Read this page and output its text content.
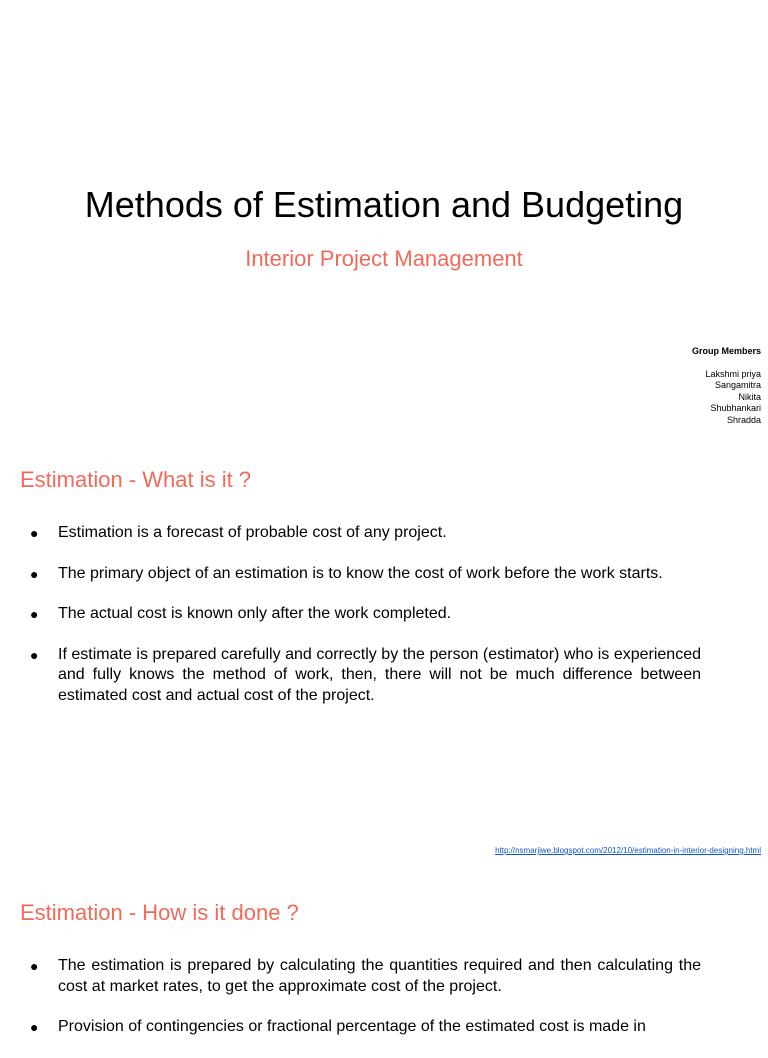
Methods of Estimation and Budgeting
Interior Project Management
Group Members
Lakshmi priya
Sangamitra
Nikita
Shubhankari
Shradda
Estimation - What is it ?
● Estimation is a forecast of probable cost of any project.
● The primary object of an estimation is to know the cost of work before the work starts.
● The actual cost is known only after the work completed.
● If estimate is prepared carefully and correctly by the person (estimator) who is experienced and fully knows the method of work, then, there will not be much difference between estimated cost and actual cost of the project.
http://nsmarjiwe.blogspot.com/2012/10/estimation-in-interior-designing.html
Estimation - How is it done ?
● The estimation is prepared by calculating the quantities required and then calculating the cost at market rates, to get the approximate cost of the project.
● Provision of contingencies or fractional percentage of the estimated cost is made in
